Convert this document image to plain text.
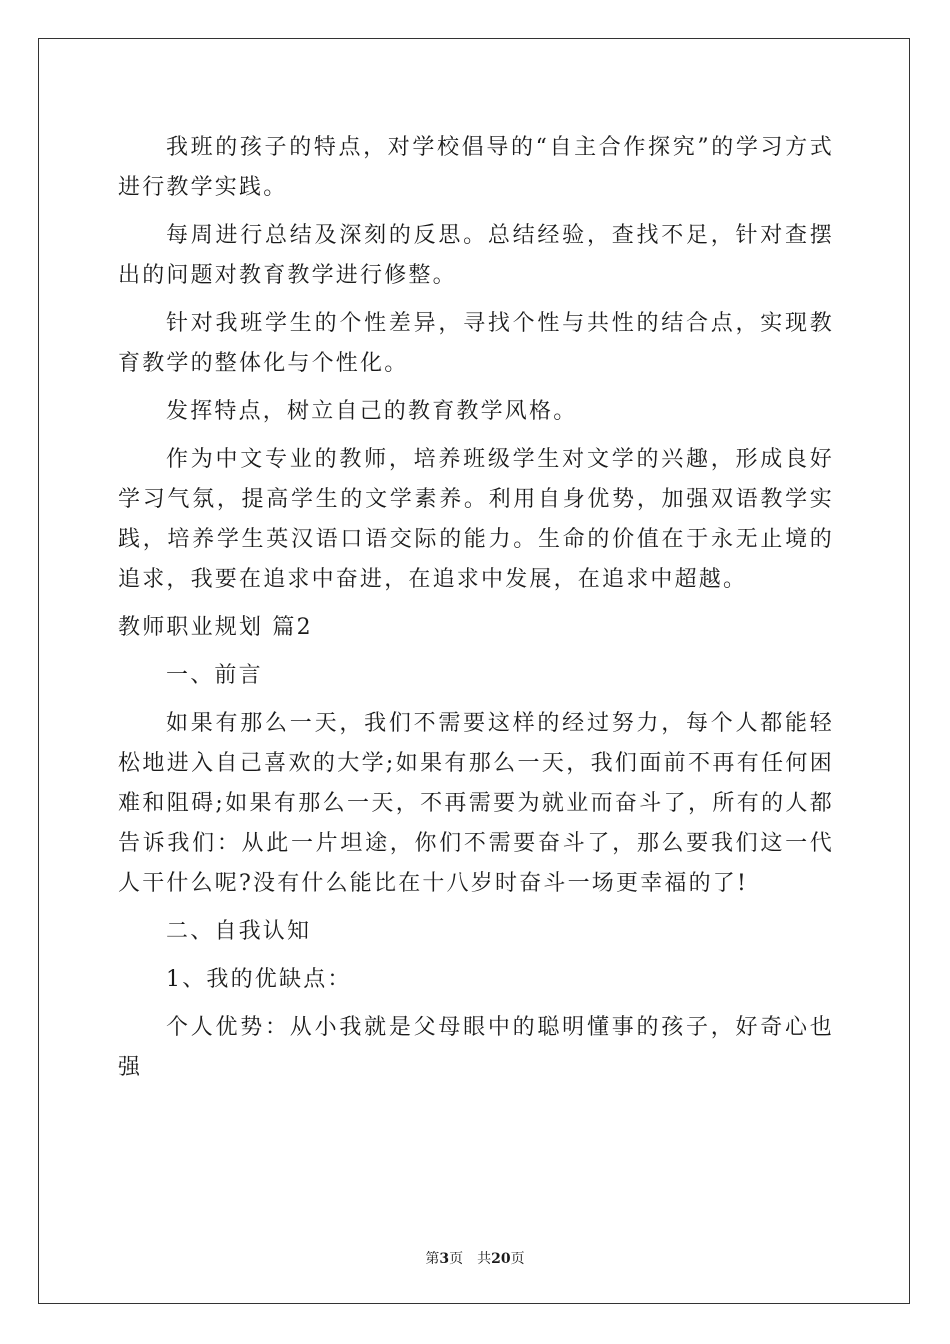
我班的孩子的特点，对学校倡导的“自主合作探究”的学习方式进行教学实践。

每周进行总结及深刻的反思。总结经验，查找不足，针对查摆出的问题对教育教学进行修整。

针对我班学生的个性差异，寻找个性与共性的结合点，实现教育教学的整体化与个性化。

发挥特点，树立自己的教育教学风格。

作为中文专业的教师，培养班级学生对文学的兴趣，形成良好学习气氛，提高学生的文学素养。利用自身优势，加强双语教学实践，培养学生英汉语口语交际的能力。生命的价值在于永无止境的追求，我要在追求中奋进，在追求中发展，在追求中超越。

教师职业规划 篇2

一、前言

如果有那么一天，我们不需要这样的经过努力，每个人都能轻松地进入自己喜欢的大学;如果有那么一天，我们面前不再有任何困难和阻碍;如果有那么一天，不再需要为就业而奋斗了，所有的人都告诉我们：从此一片坦途，你们不需要奋斗了，那么要我们这一代人干什么呢?没有什么能比在十八岁时奋斗一场更幸福的了!

二、自我认知

1、我的优缺点：

个人优势：从小我就是父母眼中的聪明懂事的孩子，好奇心也强

第3页 共20页
